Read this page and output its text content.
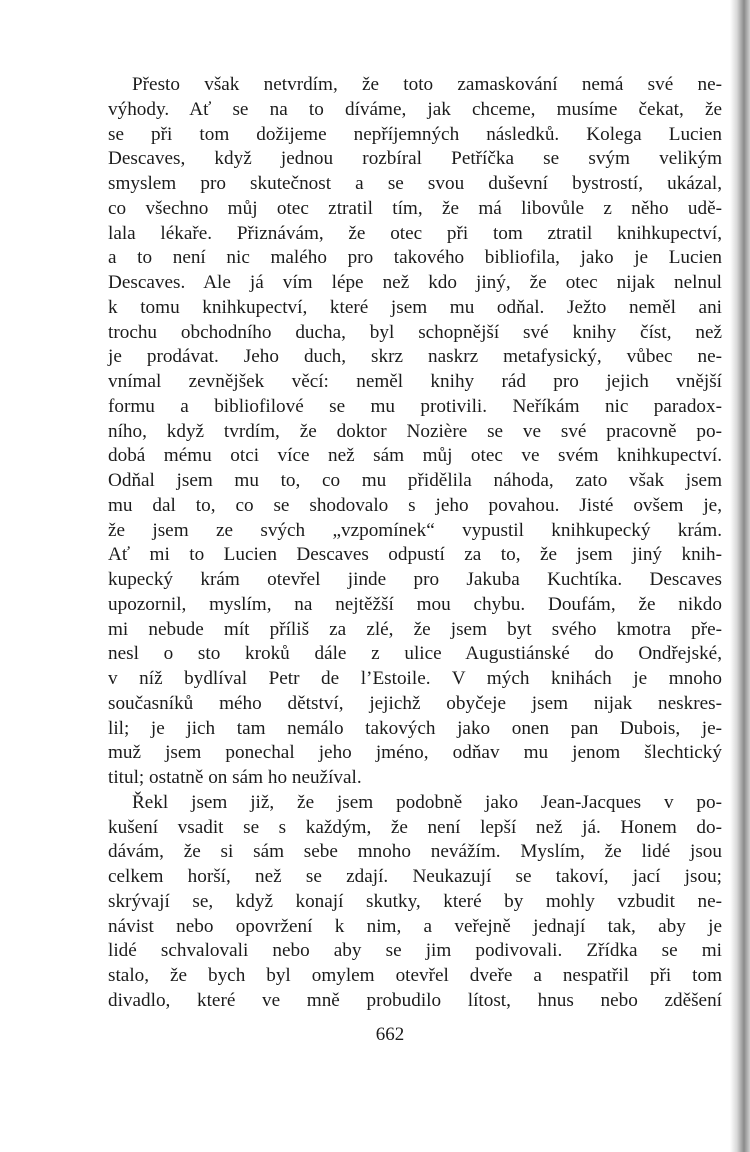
Přesto však netvrdím, že toto zamaskování nemá své ne-
výhody. Ať se na to díváme, jak chceme, musíme čekat, že
se při tom dožijeme nepříjemných následků. Kolega Lucien
Descaves, když jednou rozbíral Petříčka se svým velikým
smyslem pro skutečnost a se svou duševní bystrostí, ukázal,
co všechno můj otec ztratil tím, že má libovůle z něho udě-
lala lékaře. Přiznávám, že otec při tom ztratil knihkupectví,
a to není nic malého pro takového bibliofila, jako je Lucien
Descaves. Ale já vím lépe než kdo jiný, že otec nijak nelnul
k tomu knihkupectví, které jsem mu odňal. Ježto neměl ani
trochu obchodního ducha, byl schopnější své knihy číst, než
je prodávat. Jeho duch, skrz naskrz metafysický, vůbec ne-
vnímal zevnějšek věcí: neměl knihy rád pro jejich vnější
formu a bibliofilové se mu protivili. Neříkám nic paradox-
ního, když tvrdím, že doktor Nozière se ve své pracovně po-
dobá mému otci více než sám můj otec ve svém knihkupectví.
Odňal jsem mu to, co mu přidělila náhoda, zato však jsem
mu dal to, co se shodovalo s jeho povahou. Jisté ovšem je,
že jsem ze svých „vzpomínek“ vypustil knihkupecký krám.
Ať mi to Lucien Descaves odpustí za to, že jsem jiný knih-
kupecký krám otevřel jinde pro Jakuba Kuchtíka. Descaves
upozornil, myslím, na nejtěžší mou chybu. Doufám, že nikdo
mi nebude mít příliš za zlé, že jsem byt svého kmotra pře-
nesl o sto kroků dále z ulice Augustiánské do Ondřejské,
v níž bydlíval Petr de l’Estoile. V mých knihách je mnoho
současníků mého dětství, jejichž obyčeje jsem nijak neskres-
lil; je jich tam nemálo takových jako onen pan Dubois, je-
muž jsem ponechal jeho jméno, odňav mu jenom šlechtický
titul; ostatně on sám ho neužíval.
Řekl jsem již, že jsem podobně jako Jean-Jacques v po-
kušení vsadit se s každým, že není lepší než já. Honem do-
dávám, že si sám sebe mnoho nevážím. Myslím, že lidé jsou
celkem horší, než se zdají. Neukazují se takoví, jací jsou;
skrývají se, když konají skutky, které by mohly vzbudit ne-
návist nebo opovržení k nim, a veřejně jednají tak, aby je
lidé schvalovali nebo aby se jim podivovali. Zřídka se mi
stalo, že bych byl omylem otevřel dveře a nespatřil při tom
divadlo, které ve mně probudilo lítost, hnus nebo zděšení
662
